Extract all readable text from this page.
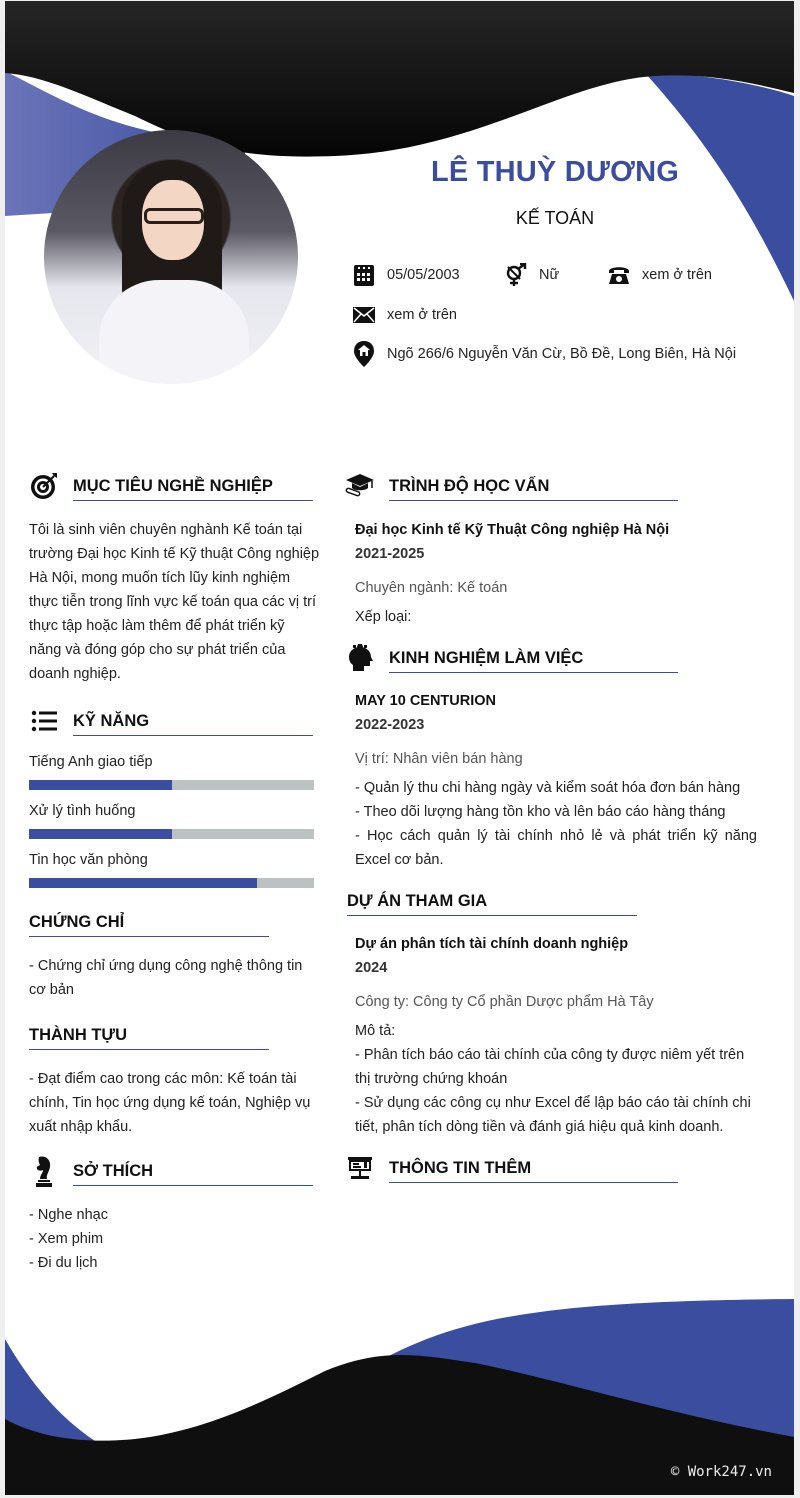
LÊ THUỲ DƯƠNG
KẾ TOÁN
05/05/2003	Nữ	xem ở trên
xem ở trên
Ngõ 266/6 Nguyễn Văn Cừ, Bồ Đề, Long Biên, Hà Nội
MỤC TIÊU NGHỀ NGHIỆP
Tôi là sinh viên chuyên nghành Kế toán tại
trường Đại học Kinh tế Kỹ thuật Công nghiệp
Hà Nội, mong muốn tích lũy kinh nghiệm
thực tiễn trong lĩnh vực kế toán qua các vị trí
thực tập hoặc làm thêm để phát triển kỹ
năng và đóng góp cho sự phát triển của
doanh nghiệp.
KỸ NĂNG
Tiếng Anh giao tiếp
Xử lý tình huống
Tin học văn phòng
CHỨNG CHỈ
- Chứng chỉ ứng dụng công nghệ thông tin
cơ bản
THÀNH TỰU
- Đạt điểm cao trong các môn: Kế toán tài
chính, Tin học ứng dụng kế toán, Nghiệp vụ
xuất nhập khẩu.
SỞ THÍCH
- Nghe nhạc
- Xem phim
- Đi du lịch
TRÌNH ĐỘ HỌC VẤN
Đại học Kinh tế Kỹ Thuật Công nghiệp Hà Nội
2021-2025
Chuyên ngành: Kế toán
Xếp loại:
KINH NGHIỆM LÀM VIỆC
MAY 10 CENTURION
2022-2023
Vị trí: Nhân viên bán hàng
- Quản lý thu chi hàng ngày và kiểm soát hóa đơn bán hàng
- Theo dõi lượng hàng tồn kho và lên báo cáo hàng tháng
- Học cách quản lý tài chính nhỏ lẻ và phát triển kỹ năng
Excel cơ bản.
DỰ ÁN THAM GIA
Dự án phân tích tài chính doanh nghiệp
2024
Công ty: Công ty Cổ phần Dược phẩm Hà Tây
Mô tả:
- Phân tích báo cáo tài chính của công ty được niêm yết trên
thị trường chứng khoán
- Sử dụng các công cụ như Excel để lập báo cáo tài chính chi
tiết, phân tích dòng tiền và đánh giá hiệu quả kinh doanh.
THÔNG TIN THÊM
© Work247.vn
